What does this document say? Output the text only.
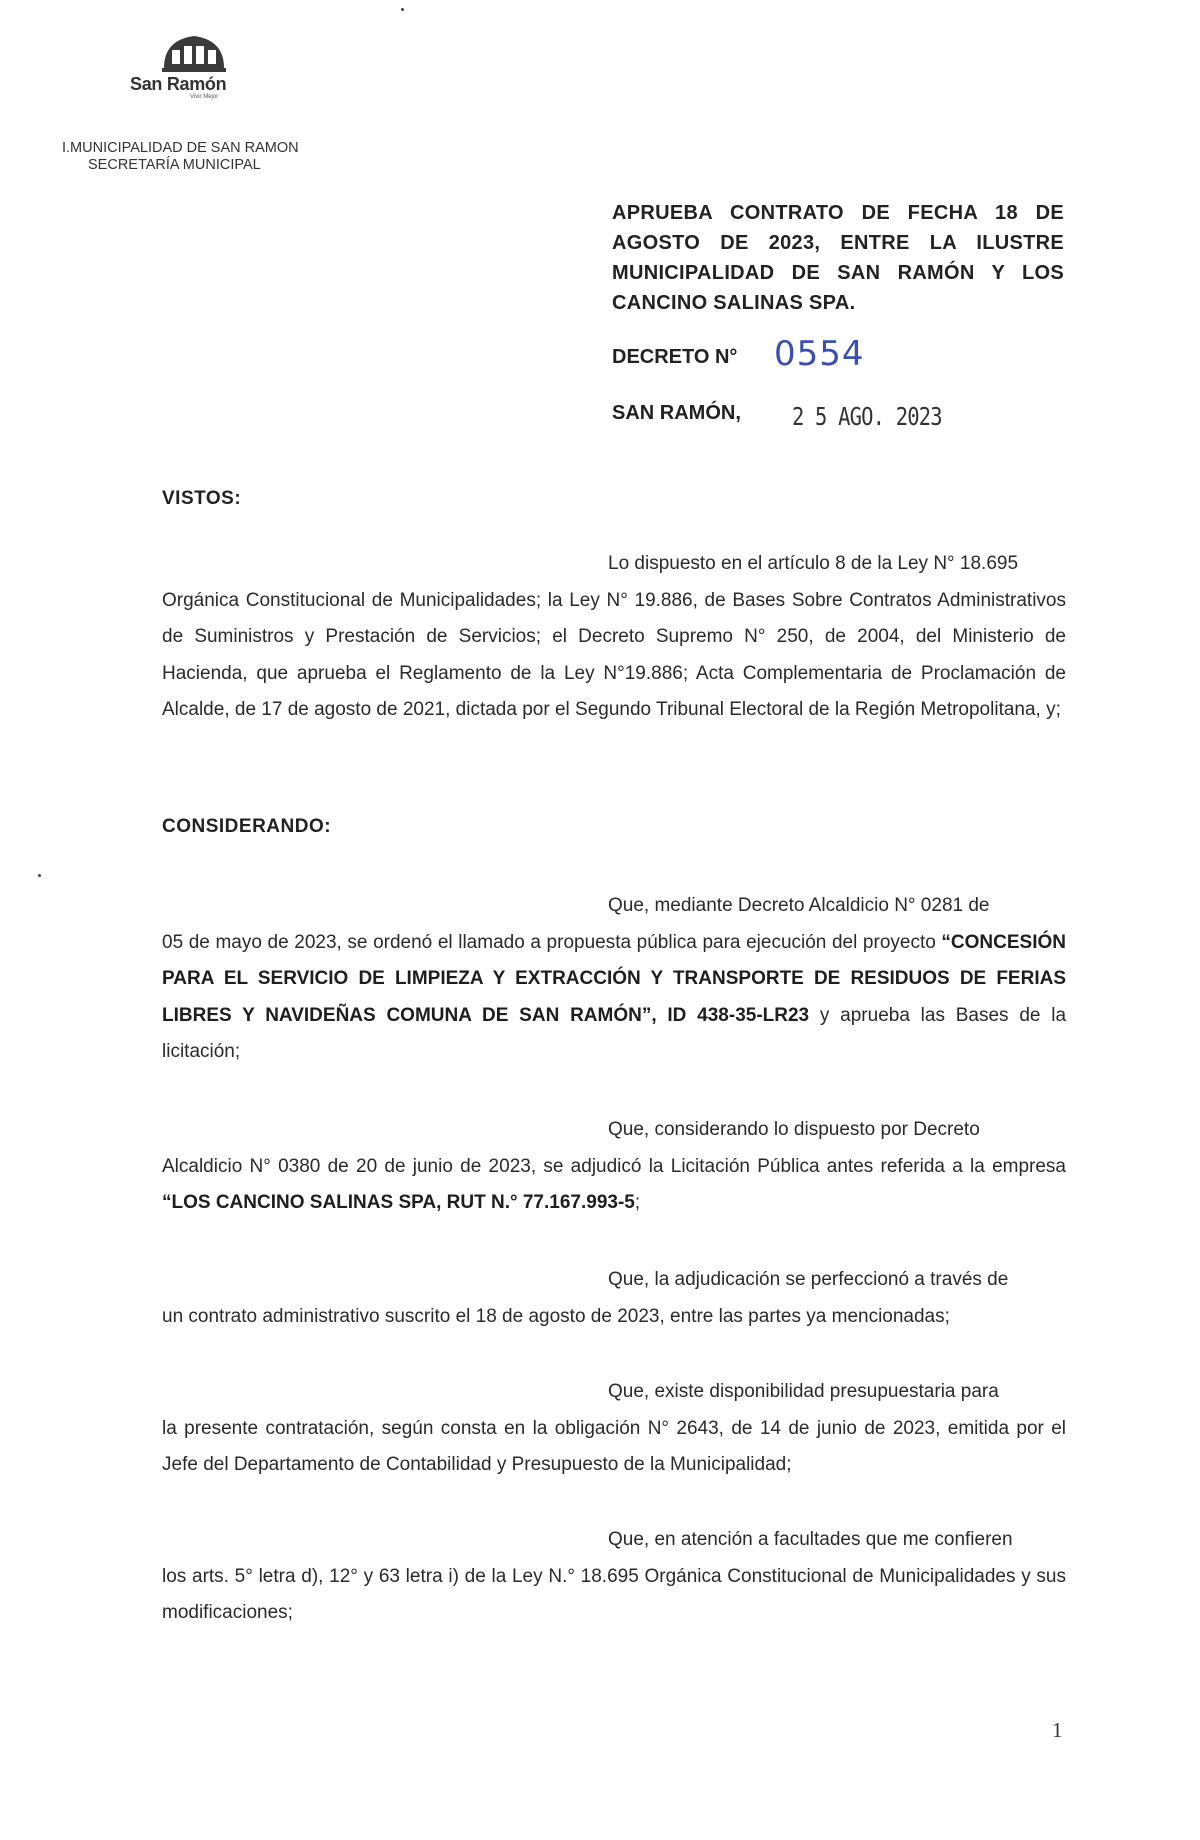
San Ramón
Vivir Mejor
I.MUNICIPALIDAD DE SAN RAMON
SECRETARÍA MUNICIPAL
APRUEBA CONTRATO DE FECHA 18 DE AGOSTO DE 2023, ENTRE LA ILUSTRE MUNICIPALIDAD DE SAN RAMÓN Y LOS CANCINO SALINAS SPA.
DECRETO N° 0554
SAN RAMÓN, 2 5 AGO. 2023
VISTOS:
Lo dispuesto en el artículo 8 de la Ley N° 18.695
Orgánica Constitucional de Municipalidades; la Ley N° 19.886, de Bases Sobre Contratos Administrativos de Suministros y Prestación de Servicios; el Decreto Supremo N° 250, de 2004, del Ministerio de Hacienda, que aprueba el Reglamento de la Ley N°19.886; Acta Complementaria de Proclamación de Alcalde, de 17 de agosto de 2021, dictada por el Segundo Tribunal Electoral de la Región Metropolitana, y;
CONSIDERANDO:
Que, mediante Decreto Alcaldicio N° 0281 de
05 de mayo de 2023, se ordenó el llamado a propuesta pública para ejecución del proyecto “CONCESIÓN PARA EL SERVICIO DE LIMPIEZA Y EXTRACCIÓN Y TRANSPORTE DE RESIDUOS DE FERIAS LIBRES Y NAVIDEÑAS COMUNA DE SAN RAMÓN”, ID 438-35-LR23 y aprueba las Bases de la licitación;
Que, considerando lo dispuesto por Decreto
Alcaldicio N° 0380 de 20 de junio de 2023, se adjudicó la Licitación Pública antes referida a la empresa “LOS CANCINO SALINAS SPA, RUT N.° 77.167.993-5;
Que, la adjudicación se perfeccionó a través de
un contrato administrativo suscrito el 18 de agosto de 2023, entre las partes ya mencionadas;
Que, existe disponibilidad presupuestaria para
la presente contratación, según consta en la obligación N° 2643, de 14 de junio de 2023, emitida por el Jefe del Departamento de Contabilidad y Presupuesto de la Municipalidad;
Que, en atención a facultades que me confieren
los arts. 5° letra d), 12° y 63 letra i) de la Ley N.° 18.695 Orgánica Constitucional de Municipalidades y sus modificaciones;
1
